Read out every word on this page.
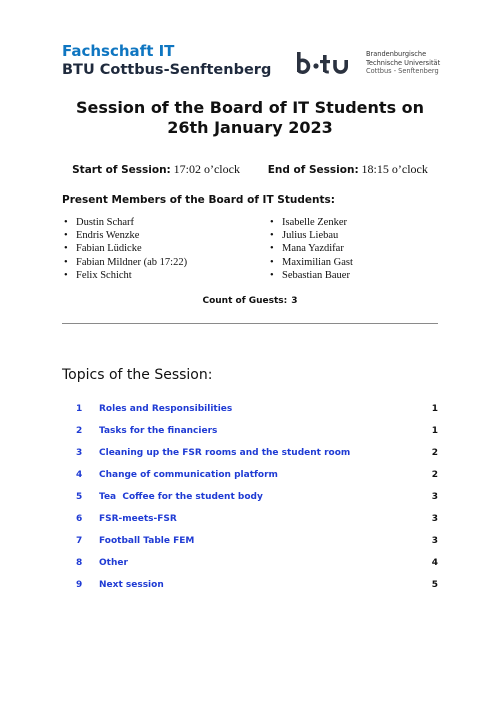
Fachschaft IT
BTU Cottbus-Senftenberg
Brandenburgische
Technische Universität
Cottbus - Senftenberg
Session of the Board of IT Students on
26th January 2023
Start of Session: 17:02 o’clock	End of Session: 18:15 o’clock
Present Members of the Board of IT Students:
• Dustin Scharf
• Endris Wenzke
• Fabian Lüdicke
• Fabian Mildner (ab 17:22)
• Felix Schicht
• Isabelle Zenker
• Julius Liebau
• Mana Yazdifar
• Maximilian Gast
• Sebastian Bauer
Count of Guests: 3
Topics of the Session:
1 Roles and Responsibilities	1
2 Tasks for the financiers	1
3 Cleaning up the FSR rooms and the student room	2
4 Change of communication platform	2
5 Tea  Coffee for the student body	3
6 FSR-meets-FSR	3
7 Football Table FEM	3
8 Other	4
9 Next session	5
